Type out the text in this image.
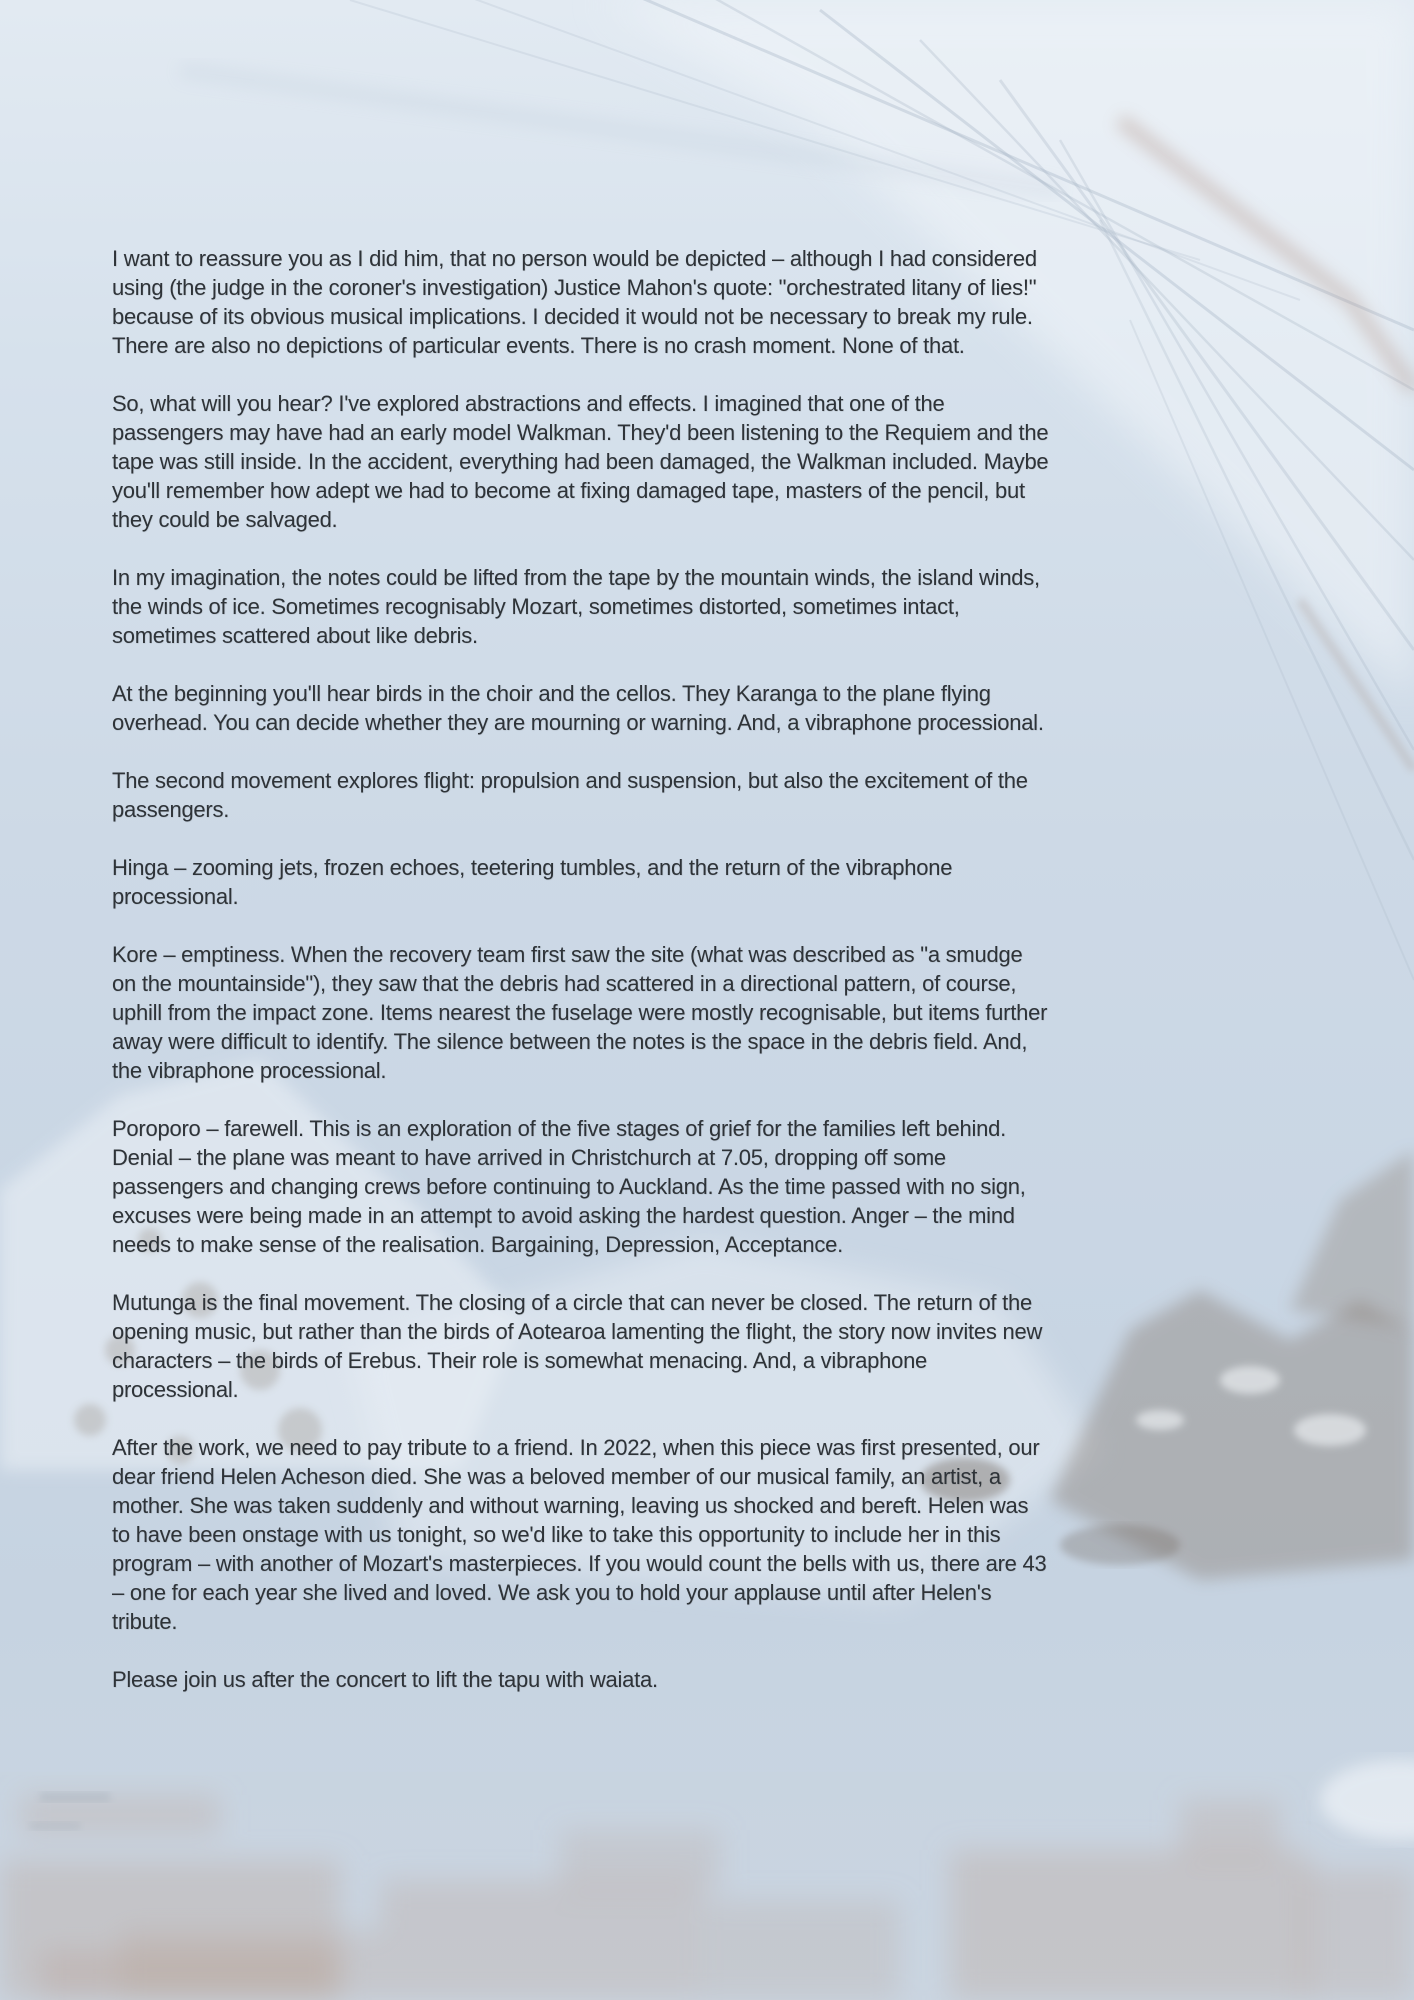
I want to reassure you as I did him, that no person would be depicted – although I had considered using (the judge in the coroner's investigation) Justice Mahon's quote: "orchestrated litany of lies!" because of its obvious musical implications. I decided it would not be necessary to break my rule. There are also no depictions of particular events. There is no crash moment. None of that.

So, what will you hear? I've explored abstractions and effects. I imagined that one of the passengers may have had an early model Walkman. They'd been listening to the Requiem and the tape was still inside. In the accident, everything had been damaged, the Walkman included. Maybe you'll remember how adept we had to become at fixing damaged tape, masters of the pencil, but they could be salvaged.

In my imagination, the notes could be lifted from the tape by the mountain winds, the island winds, the winds of ice. Sometimes recognisably Mozart, sometimes distorted, sometimes intact, sometimes scattered about like debris.

At the beginning you'll hear birds in the choir and the cellos. They Karanga to the plane flying overhead. You can decide whether they are mourning or warning. And, a vibraphone processional.

The second movement explores flight: propulsion and suspension, but also the excitement of the passengers.

Hinga – zooming jets, frozen echoes, teetering tumbles, and the return of the vibraphone processional.

Kore – emptiness. When the recovery team first saw the site (what was described as "a smudge on the mountainside"), they saw that the debris had scattered in a directional pattern, of course, uphill from the impact zone. Items nearest the fuselage were mostly recognisable, but items further away were difficult to identify. The silence between the notes is the space in the debris field. And, the vibraphone processional.

Poroporo – farewell. This is an exploration of the five stages of grief for the families left behind. Denial – the plane was meant to have arrived in Christchurch at 7.05, dropping off some passengers and changing crews before continuing to Auckland. As the time passed with no sign, excuses were being made in an attempt to avoid asking the hardest question. Anger – the mind needs to make sense of the realisation. Bargaining, Depression, Acceptance.

Mutunga is the final movement. The closing of a circle that can never be closed. The return of the opening music, but rather than the birds of Aotearoa lamenting the flight, the story now invites new characters – the birds of Erebus. Their role is somewhat menacing. And, a vibraphone processional.

After the work, we need to pay tribute to a friend. In 2022, when this piece was first presented, our dear friend Helen Acheson died. She was a beloved member of our musical family, an artist, a mother. She was taken suddenly and without warning, leaving us shocked and bereft. Helen was to have been onstage with us tonight, so we'd like to take this opportunity to include her in this program – with another of Mozart's masterpieces. If you would count the bells with us, there are 43 – one for each year she lived and loved. We ask you to hold your applause until after Helen's tribute.

Please join us after the concert to lift the tapu with waiata.
